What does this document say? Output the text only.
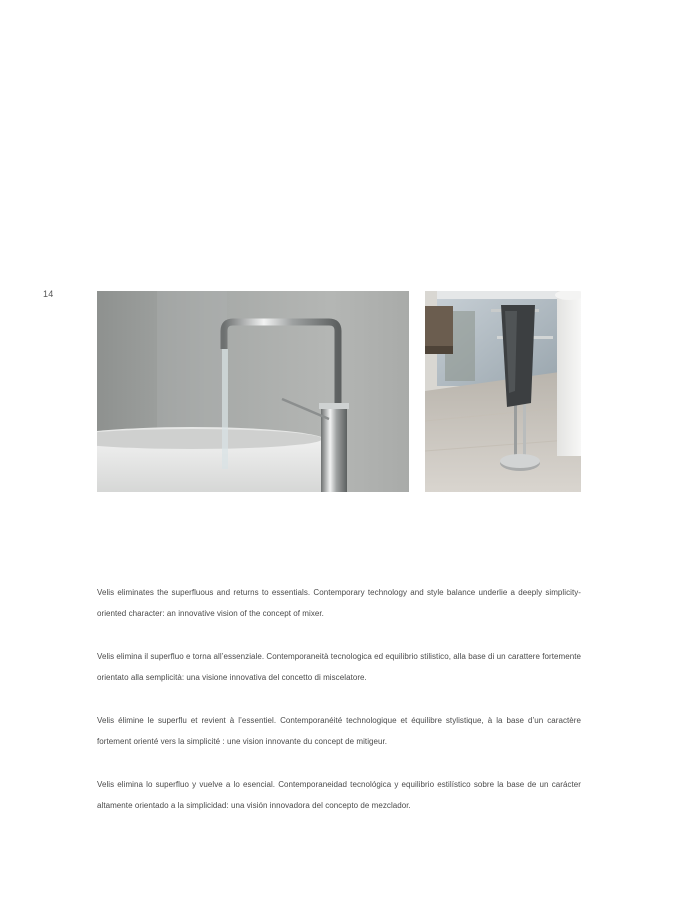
14

Velis eliminates the superfluous and returns to essentials. Contemporary technology and style balance underlie a deeply simplicity-oriented character: an innovative vision of the concept of mixer.

Velis elimina il superfluo e torna all’essenziale. Contemporaneità tecnologica ed equilibrio stilistico, alla base di un carattere fortemente orientato alla semplicità: una visione innovativa del concetto di miscelatore.

Velis élimine le superflu et revient à l’essentiel. Contemporanéité technologique et équilibre stylistique, à la base d’un caractère fortement orienté vers la simplicité : une vision innovante du concept de mitigeur.

Velis elimina lo superfluo y vuelve a lo esencial. Contemporaneidad tecnológica y equilibrio estilístico sobre la base de un carácter altamente orientado a la simplicidad: una visión innovadora del concepto de mezclador.
